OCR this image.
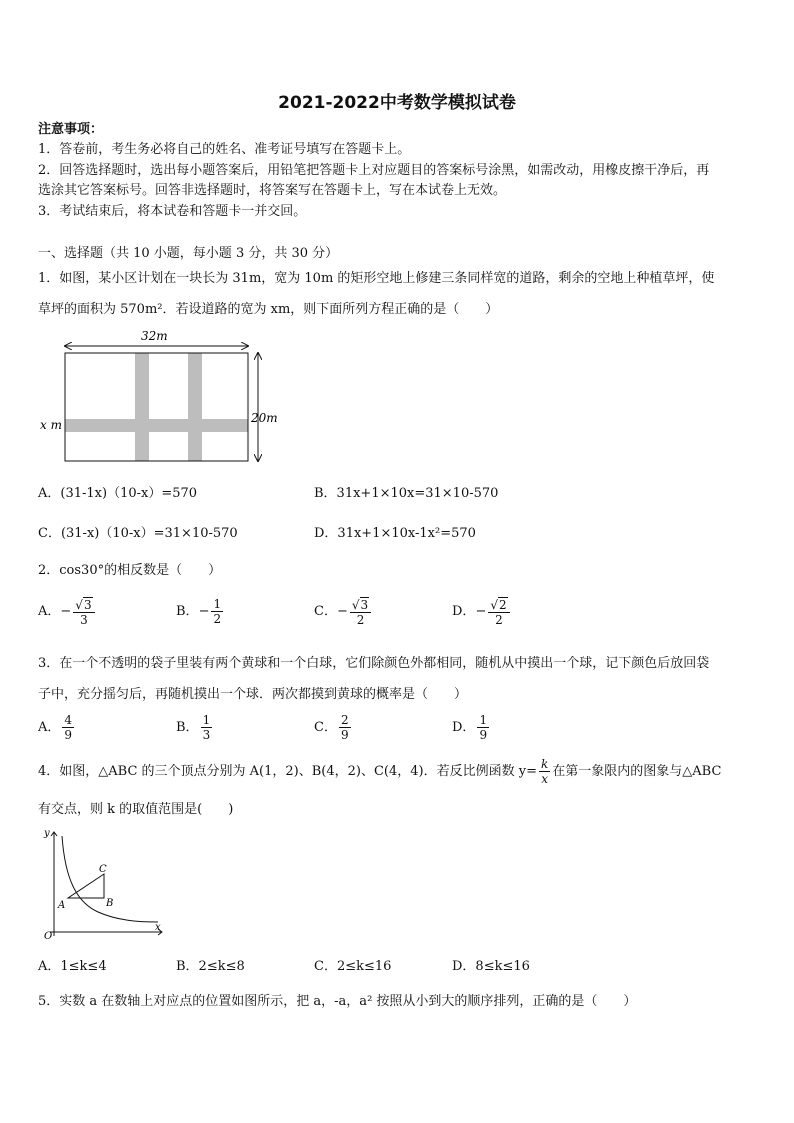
2021-2022中考数学模拟试卷
注意事项：
1．答卷前，考生务必将自己的姓名、准考证号填写在答题卡上。
2．回答选择题时，选出每小题答案后，用铅笔把答题卡上对应题目的答案标号涂黑，如需改动，用橡皮擦干净后，再
选涂其它答案标号。回答非选择题时，将答案写在答题卡上，写在本试卷上无效。
3．考试结束后，将本试卷和答题卡一并交回。
一、选择题（共 10 小题，每小题 3 分，共 30 分）
1．如图，某小区计划在一块长为 31m，宽为 10m 的矩形空地上修建三条同样宽的道路，剩余的空地上种植草坪，使
草坪的面积为 570m²．若设道路的宽为 xm，则下面所列方程正确的是（　　）
32m
20m
x m
A．(31-1x)（10-x）=570	B．31x+1×10x=31×10-570
C．(31-x)（10-x）=31×10-570	D．31x+1×10x-1x²=570
2．cos30°的相反数是（　　）
A． − $\frac{√ 3}{3}$	B． − $\frac{1}{2}$	C． − $\frac{√ 3}{2}$	D． − $\frac{√ 2}{2}$
3．在一个不透明的袋子里装有两个黄球和一个白球，它们除颜色外都相同，随机从中摸出一个球，记下颜色后放回袋
子中，充分摇匀后，再随机摸出一个球．两次都摸到黄球的概率是（　　）
A． $\frac{4}{9}$	B． $\frac{1}{3}$	C． $\frac{2}{9}$	D． $\frac{1}{9}$
4．如图，△ABC 的三个顶点分别为 A(1，2)、B(4，2)、C(4，4)．若反比例函数 $y= \frac{k}{x}$ 在第一象限内的图象与△ABC
有交点，则 k 的取值范围是(　　)
y
x
O
A	B
C
A．1≤k≤4	B．2≤k≤8	C．2≤k≤16	D．8≤k≤16
5．实数 a 在数轴上对应点的位置如图所示，把 a，-a，a² 按照从小到大的顺序排列，正确的是（　　）
